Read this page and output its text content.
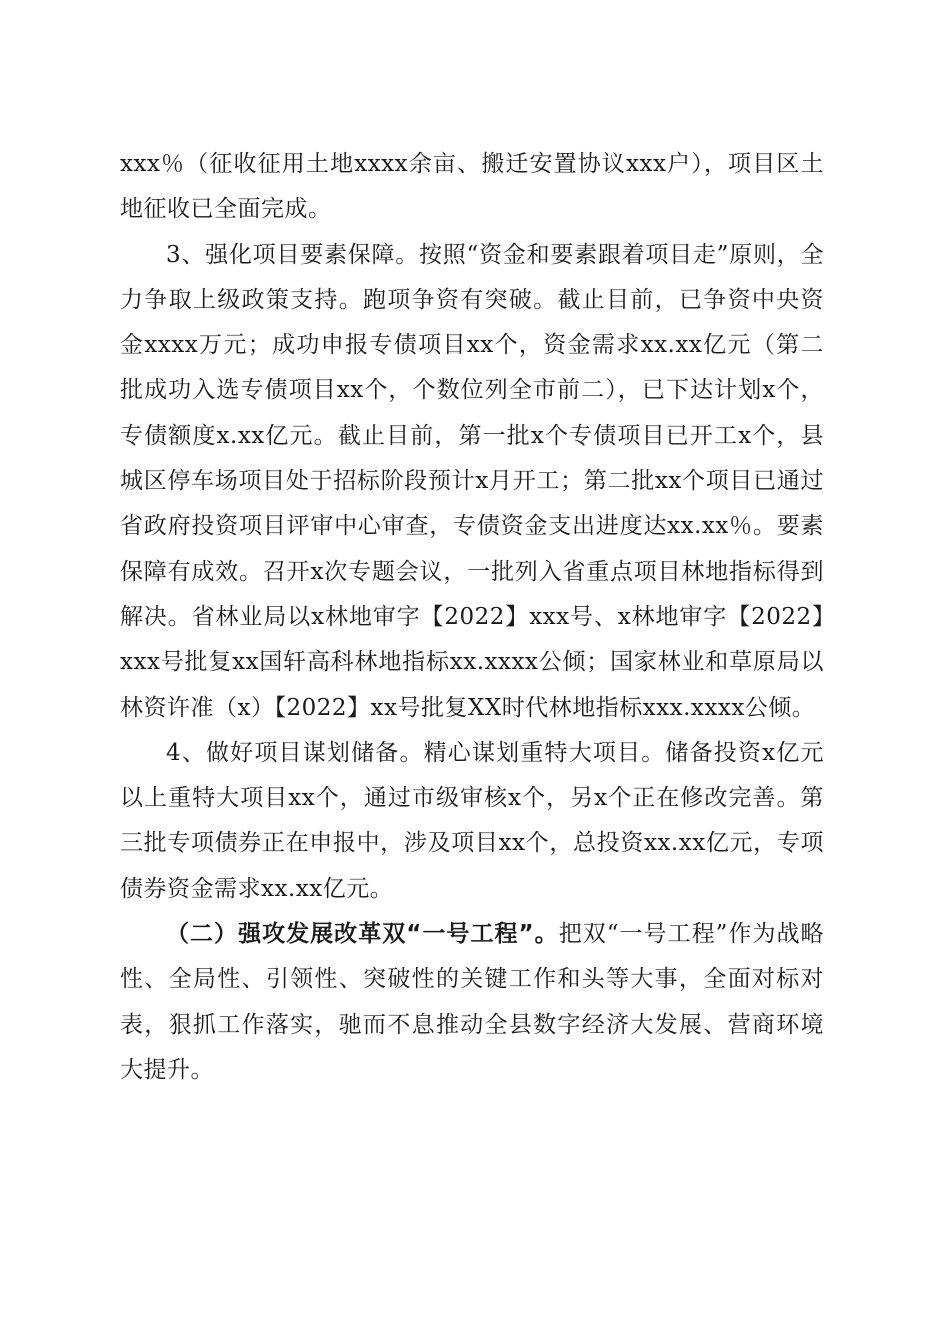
xxx％（征收征用土地xxxx余亩、搬迁安置协议xxx户），项目区土地征收已全面完成。

3、强化项目要素保障。按照“资金和要素跟着项目走”原则，全力争取上级政策支持。跑项争资有突破。截止目前，已争资中央资金xxxx万元；成功申报专债项目xx个，资金需求xx.xx亿元（第二批成功入选专债项目xx个，个数位列全市前二），已下达计划x个，专债额度x.xx亿元。截止目前，第一批x个专债项目已开工x个，县城区停车场项目处于招标阶段预计x月开工；第二批xx个项目已通过省政府投资项目评审中心审查，专债资金支出进度达xx.xx％。要素保障有成效。召开x次专题会议，一批列入省重点项目林地指标得到解决。省林业局以x林地审字【2022】xxx号、x林地审字【2022】xxx号批复xx国轩高科林地指标xx.xxxx公倾；国家林业和草原局以林资许准（x）【2022】xx号批复XX时代林地指标xxx.xxxx公倾。

4、做好项目谋划储备。精心谋划重特大项目。储备投资x亿元以上重特大项目xx个，通过市级审核x个，另x个正在修改完善。第三批专项债券正在申报中，涉及项目xx个，总投资xx.xx亿元，专项债券资金需求xx.xx亿元。

（二）强攻发展改革双“一号工程”。把双“一号工程”作为战略性、全局性、引领性、突破性的关键工作和头等大事，全面对标对表，狠抓工作落实，驰而不息推动全县数字经济大发展、营商环境大提升。
